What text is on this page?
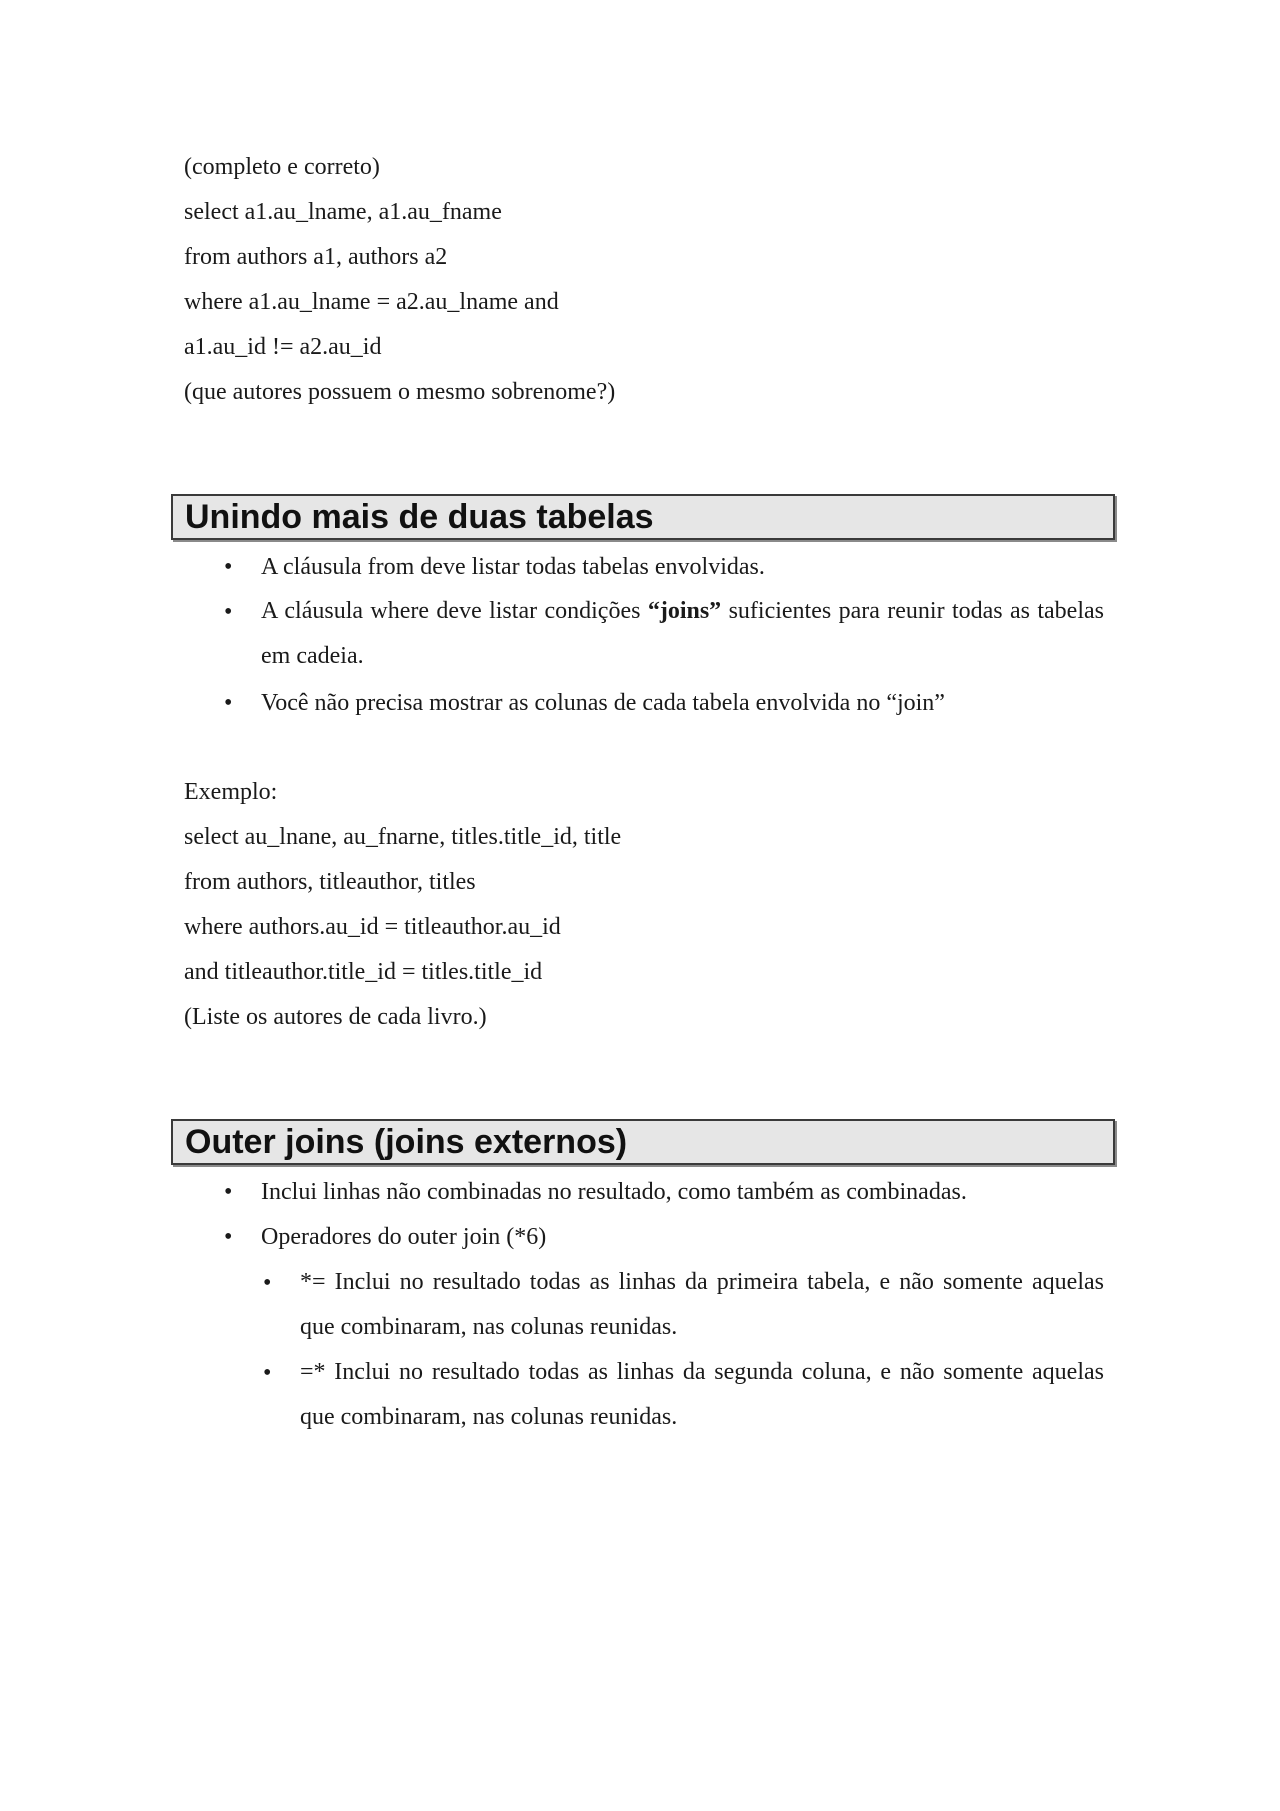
(completo e correto)
select a1.au_lname, a1.au_fname
from authors a1, authors a2
where a1.au_lname = a2.au_lname and
a1.au_id != a2.au_id
(que autores possuem o mesmo sobrenome?)
Unindo mais de duas tabelas
• A cláusula from deve listar todas tabelas envolvidas.
• A cláusula where deve listar condições “joins” suficientes para reunir todas as tabelas em cadeia.
• Você não precisa mostrar as colunas de cada tabela envolvida no “join”
Exemplo:
select au_lnane, au_fnarne, titles.title_id, title
from authors, titleauthor, titles
where authors.au_id = titleauthor.au_id
and titleauthor.title_id = titles.title_id
(Liste os autores de cada livro.)
Outer joins (joins externos)
• Inclui linhas não combinadas no resultado, como também as combinadas.
• Operadores do outer join (*6)
• *= Inclui no resultado todas as linhas da primeira tabela, e não somente aquelas que combinaram, nas colunas reunidas.
• =* Inclui no resultado todas as linhas da segunda coluna, e não somente aquelas que combinaram, nas colunas reunidas.
